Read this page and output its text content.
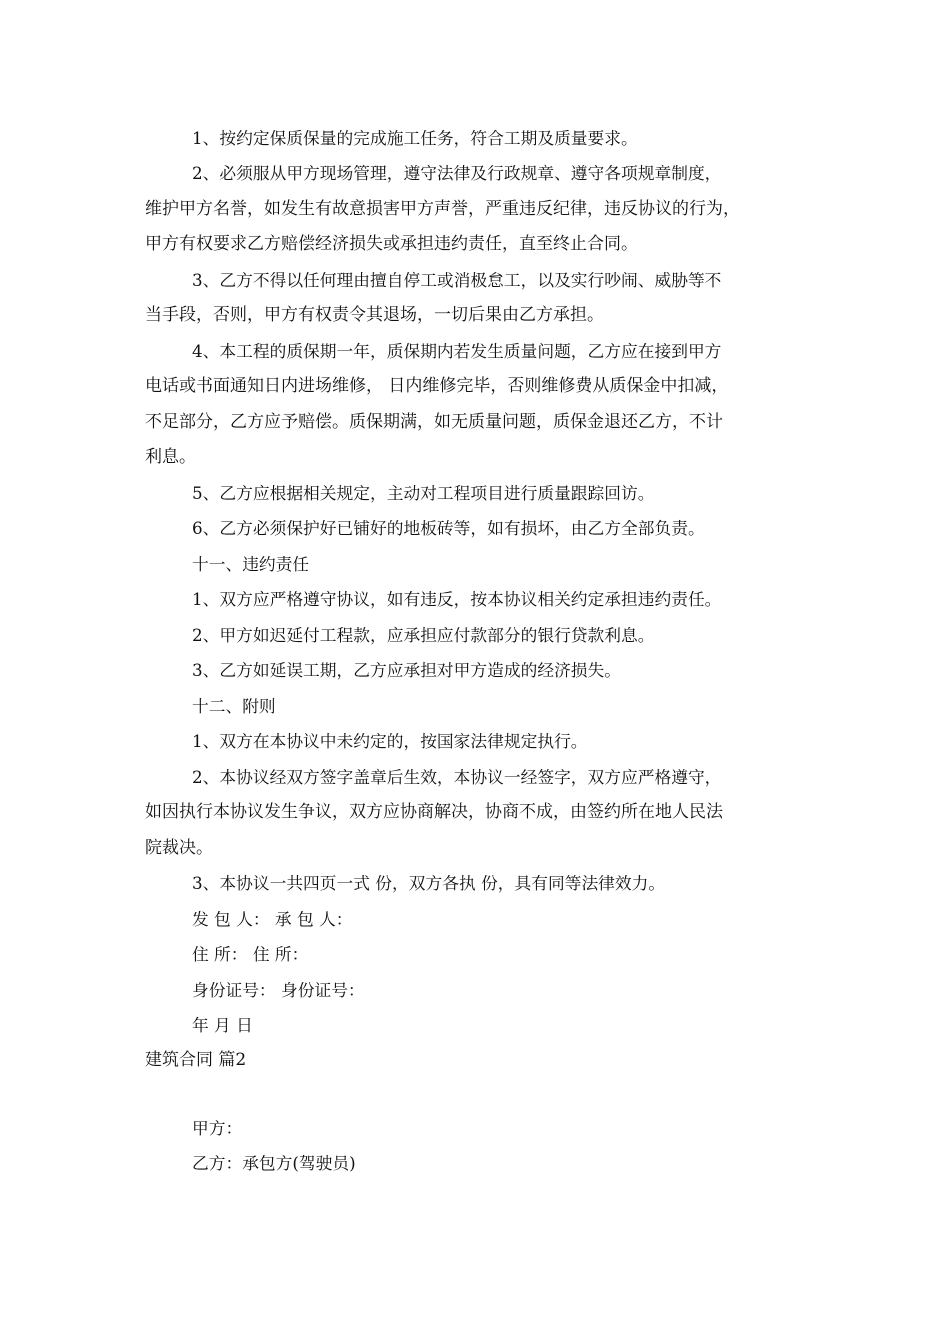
1、按约定保质保量的完成施工任务，符合工期及质量要求。
2、必须服从甲方现场管理，遵守法律及行政规章、遵守各项规章制度，
维护甲方名誉，如发生有故意损害甲方声誉，严重违反纪律，违反协议的行为，
甲方有权要求乙方赔偿经济损失或承担违约责任，直至终止合同。
3、乙方不得以任何理由擅自停工或消极怠工，以及实行吵闹、威胁等不
当手段，否则，甲方有权责令其退场，一切后果由乙方承担。
4、本工程的质保期一年，质保期内若发生质量问题，乙方应在接到甲方
电话或书面通知日内进场维修， 日内维修完毕，否则维修费从质保金中扣减，
不足部分，乙方应予赔偿。质保期满，如无质量问题，质保金退还乙方，不计
利息。
5、乙方应根据相关规定，主动对工程项目进行质量跟踪回访。
6、乙方必须保护好已铺好的地板砖等，如有损坏，由乙方全部负责。
十一、违约责任
1、双方应严格遵守协议，如有违反，按本协议相关约定承担违约责任。
2、甲方如迟延付工程款，应承担应付款部分的银行贷款利息。
3、乙方如延误工期，乙方应承担对甲方造成的经济损失。
十二、附则
1、双方在本协议中未约定的，按国家法律规定执行。
2、本协议经双方签字盖章后生效，本协议一经签字，双方应严格遵守，
如因执行本协议发生争议，双方应协商解决，协商不成，由签约所在地人民法
院裁决。
3、本协议一共四页一式 份，双方各执 份，具有同等法律效力。
发 包 人： 承 包 人：
住 所： 住 所：
身份证号： 身份证号：
年 月 日
建筑合同 篇2
甲方：
乙方：承包方(驾驶员)
